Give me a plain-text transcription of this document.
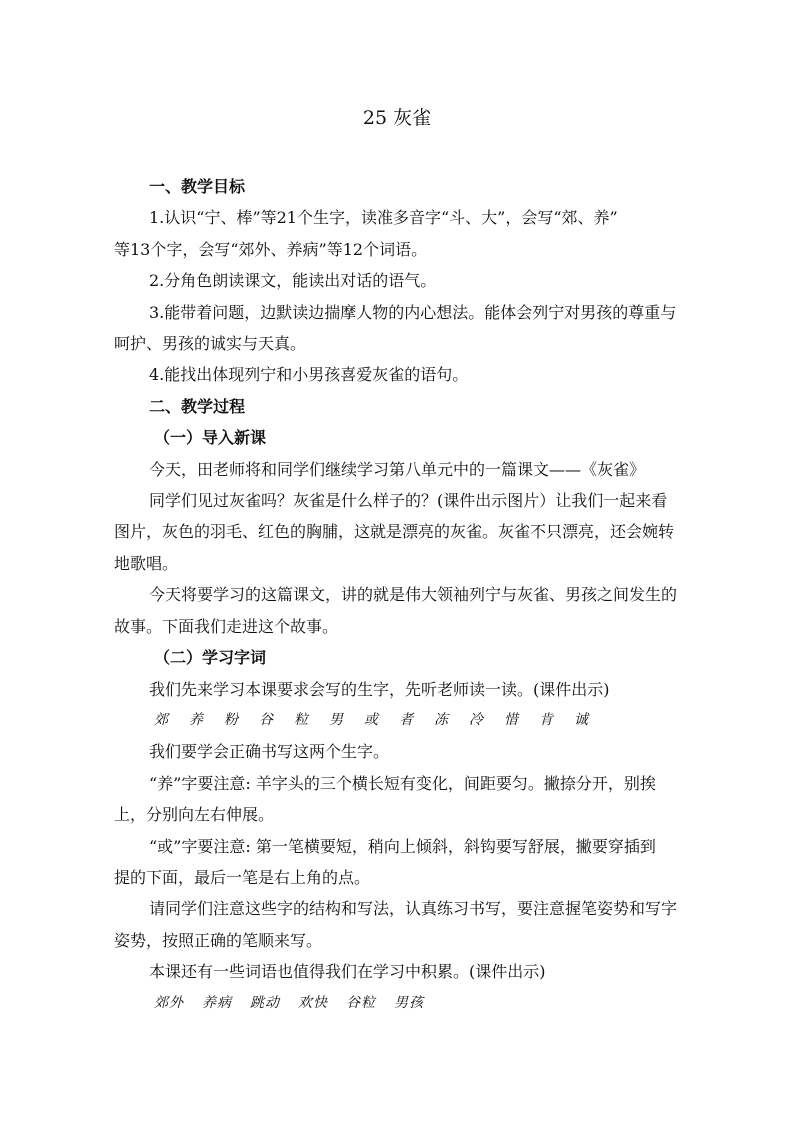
25 灰雀
一、教学目标
1.认识“宁、棒”等21个生字，读准多音字“斗、大”，会写“郊、养”
等13个字，会写“郊外、养病”等12个词语。
2.分角色朗读课文，能读出对话的语气。
3.能带着问题，边默读边揣摩人物的内心想法。能体会列宁对男孩的尊重与
呵护、男孩的诚实与天真。
4.能找出体现列宁和小男孩喜爱灰雀的语句。
二、教学过程
（一）导入新课
今天，田老师将和同学们继续学习第八单元中的一篇课文——《灰雀》
同学们见过灰雀吗？灰雀是什么样子的？(课件出示图片）让我们一起来看
图片，灰色的羽毛、红色的胸脯，这就是漂亮的灰雀。灰雀不只漂亮，还会婉转
地歌唱。
今天将要学习的这篇课文，讲的就是伟大领袖列宁与灰雀、男孩之间发生的
故事。下面我们走进这个故事。
（二）学习字词
我们先来学习本课要求会写的生字，先听老师读一读。(课件出示)
郊 养 粉 谷 粒 男 或 者 冻 冷 惜 肯 诚
我们要学会正确书写这两个生字。
“养”字要注意: 羊字头的三个横长短有变化，间距要匀。撇捺分开，别挨
上，分别向左右伸展。
“或”字要注意: 第一笔横要短，稍向上倾斜，斜钩要写舒展，撇要穿插到
提的下面，最后一笔是右上角的点。
请同学们注意这些字的结构和写法，认真练习书写，要注意握笔姿势和写字
姿势，按照正确的笔顺来写。
本课还有一些词语也值得我们在学习中积累。(课件出示)
郊外 养病 跳动 欢快 谷粒 男孩
